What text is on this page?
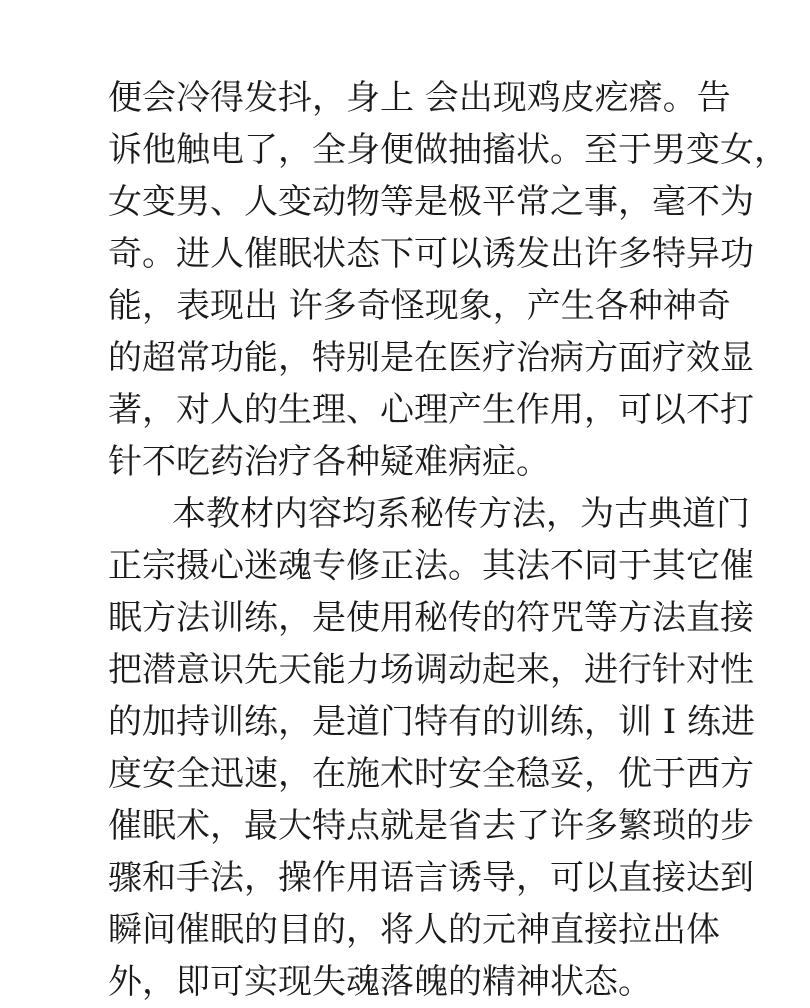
便会冷得发抖，身上 会出现鸡皮疙瘩。告
诉他触电了，全身便做抽搐状。至于男变女，
女变男、人变动物等是极平常之事，毫不为
奇。进人催眠状态下可以诱发出许多特异功
能，表现出 许多奇怪现象，产生各种神奇
的超常功能，特别是在医疗治病方面疗效显
著，对人的生理、心理产生作用，可以不打
针不吃药治疗各种疑难病症。
本教材内容均系秘传方法，为古典道门
正宗摄心迷魂专修正法。其法不同于其它催
眠方法训练，是使用秘传的符咒等方法直接
把潜意识先天能力场调动起来，进行针对性
的加持训练，是道门特有的训练，训 I 练进
度安全迅速，在施术时安全稳妥，优于西方
催眠术，最大特点就是省去了许多繁琐的步
骤和手法，操作用语言诱导，可以直接达到
瞬间催眠的目的，将人的元神直接拉出体
外，即可实现失魂落魄的精神状态。
